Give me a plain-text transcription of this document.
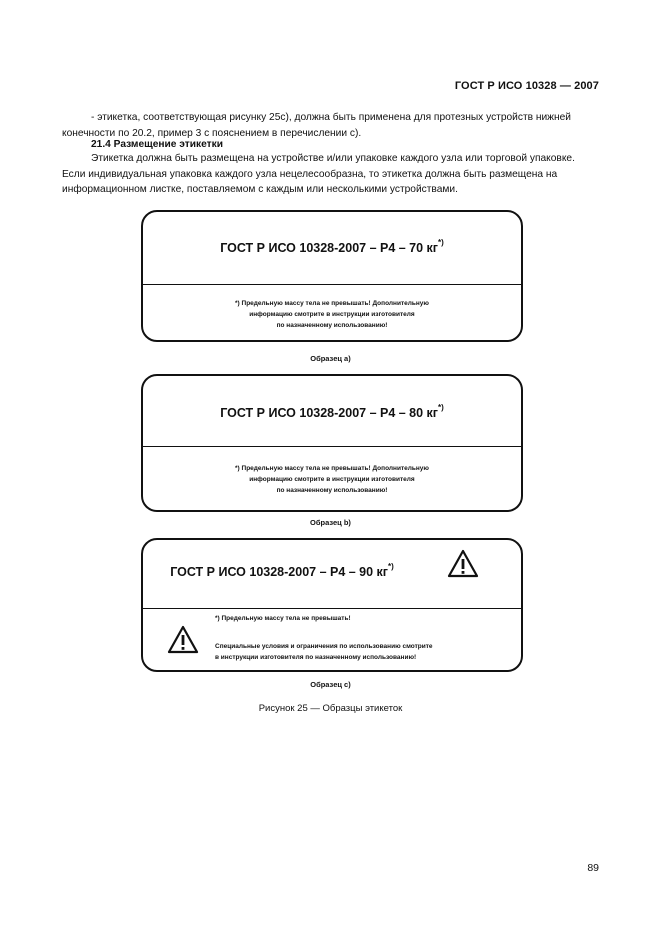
ГОСТ Р ИСО 10328 — 2007
- этикетка, соответствующая рисунку 25с), должна быть применена для протезных устройств нижней
конечности по 20.2, пример 3 с пояснением в перечислении с).
21.4 Размещение этикетки
Этикетка должна быть размещена на устройстве и/или упаковке каждого узла или торговой упаковке.
Если индивидуальная упаковка каждого узла нецелесообразна, то этикетка должна быть размещена на
информационном листке, поставляемом с каждым или несколькими устройствами.
ГОСТ Р ИСО 10328-2007 – Р4 – 70 кг*)
*) Предельную массу тела не превышать! Дополнительную
информацию смотрите в инструкции изготовителя
по назначенному использованию!
Образец а)
ГОСТ Р ИСО 10328-2007 – Р4 – 80 кг*)
*) Предельную массу тела не превышать! Дополнительную
информацию смотрите в инструкции изготовителя
по назначенному использованию!
Образец b)
ГОСТ Р ИСО 10328-2007 – Р4 – 90 кг*)
*) Предельную массу тела не превышать!
Специальные условия и ограничения по использованию смотрите
в инструкции изготовителя по назначенному использованию!
Образец с)
Рисунок 25 — Образцы этикеток
89
